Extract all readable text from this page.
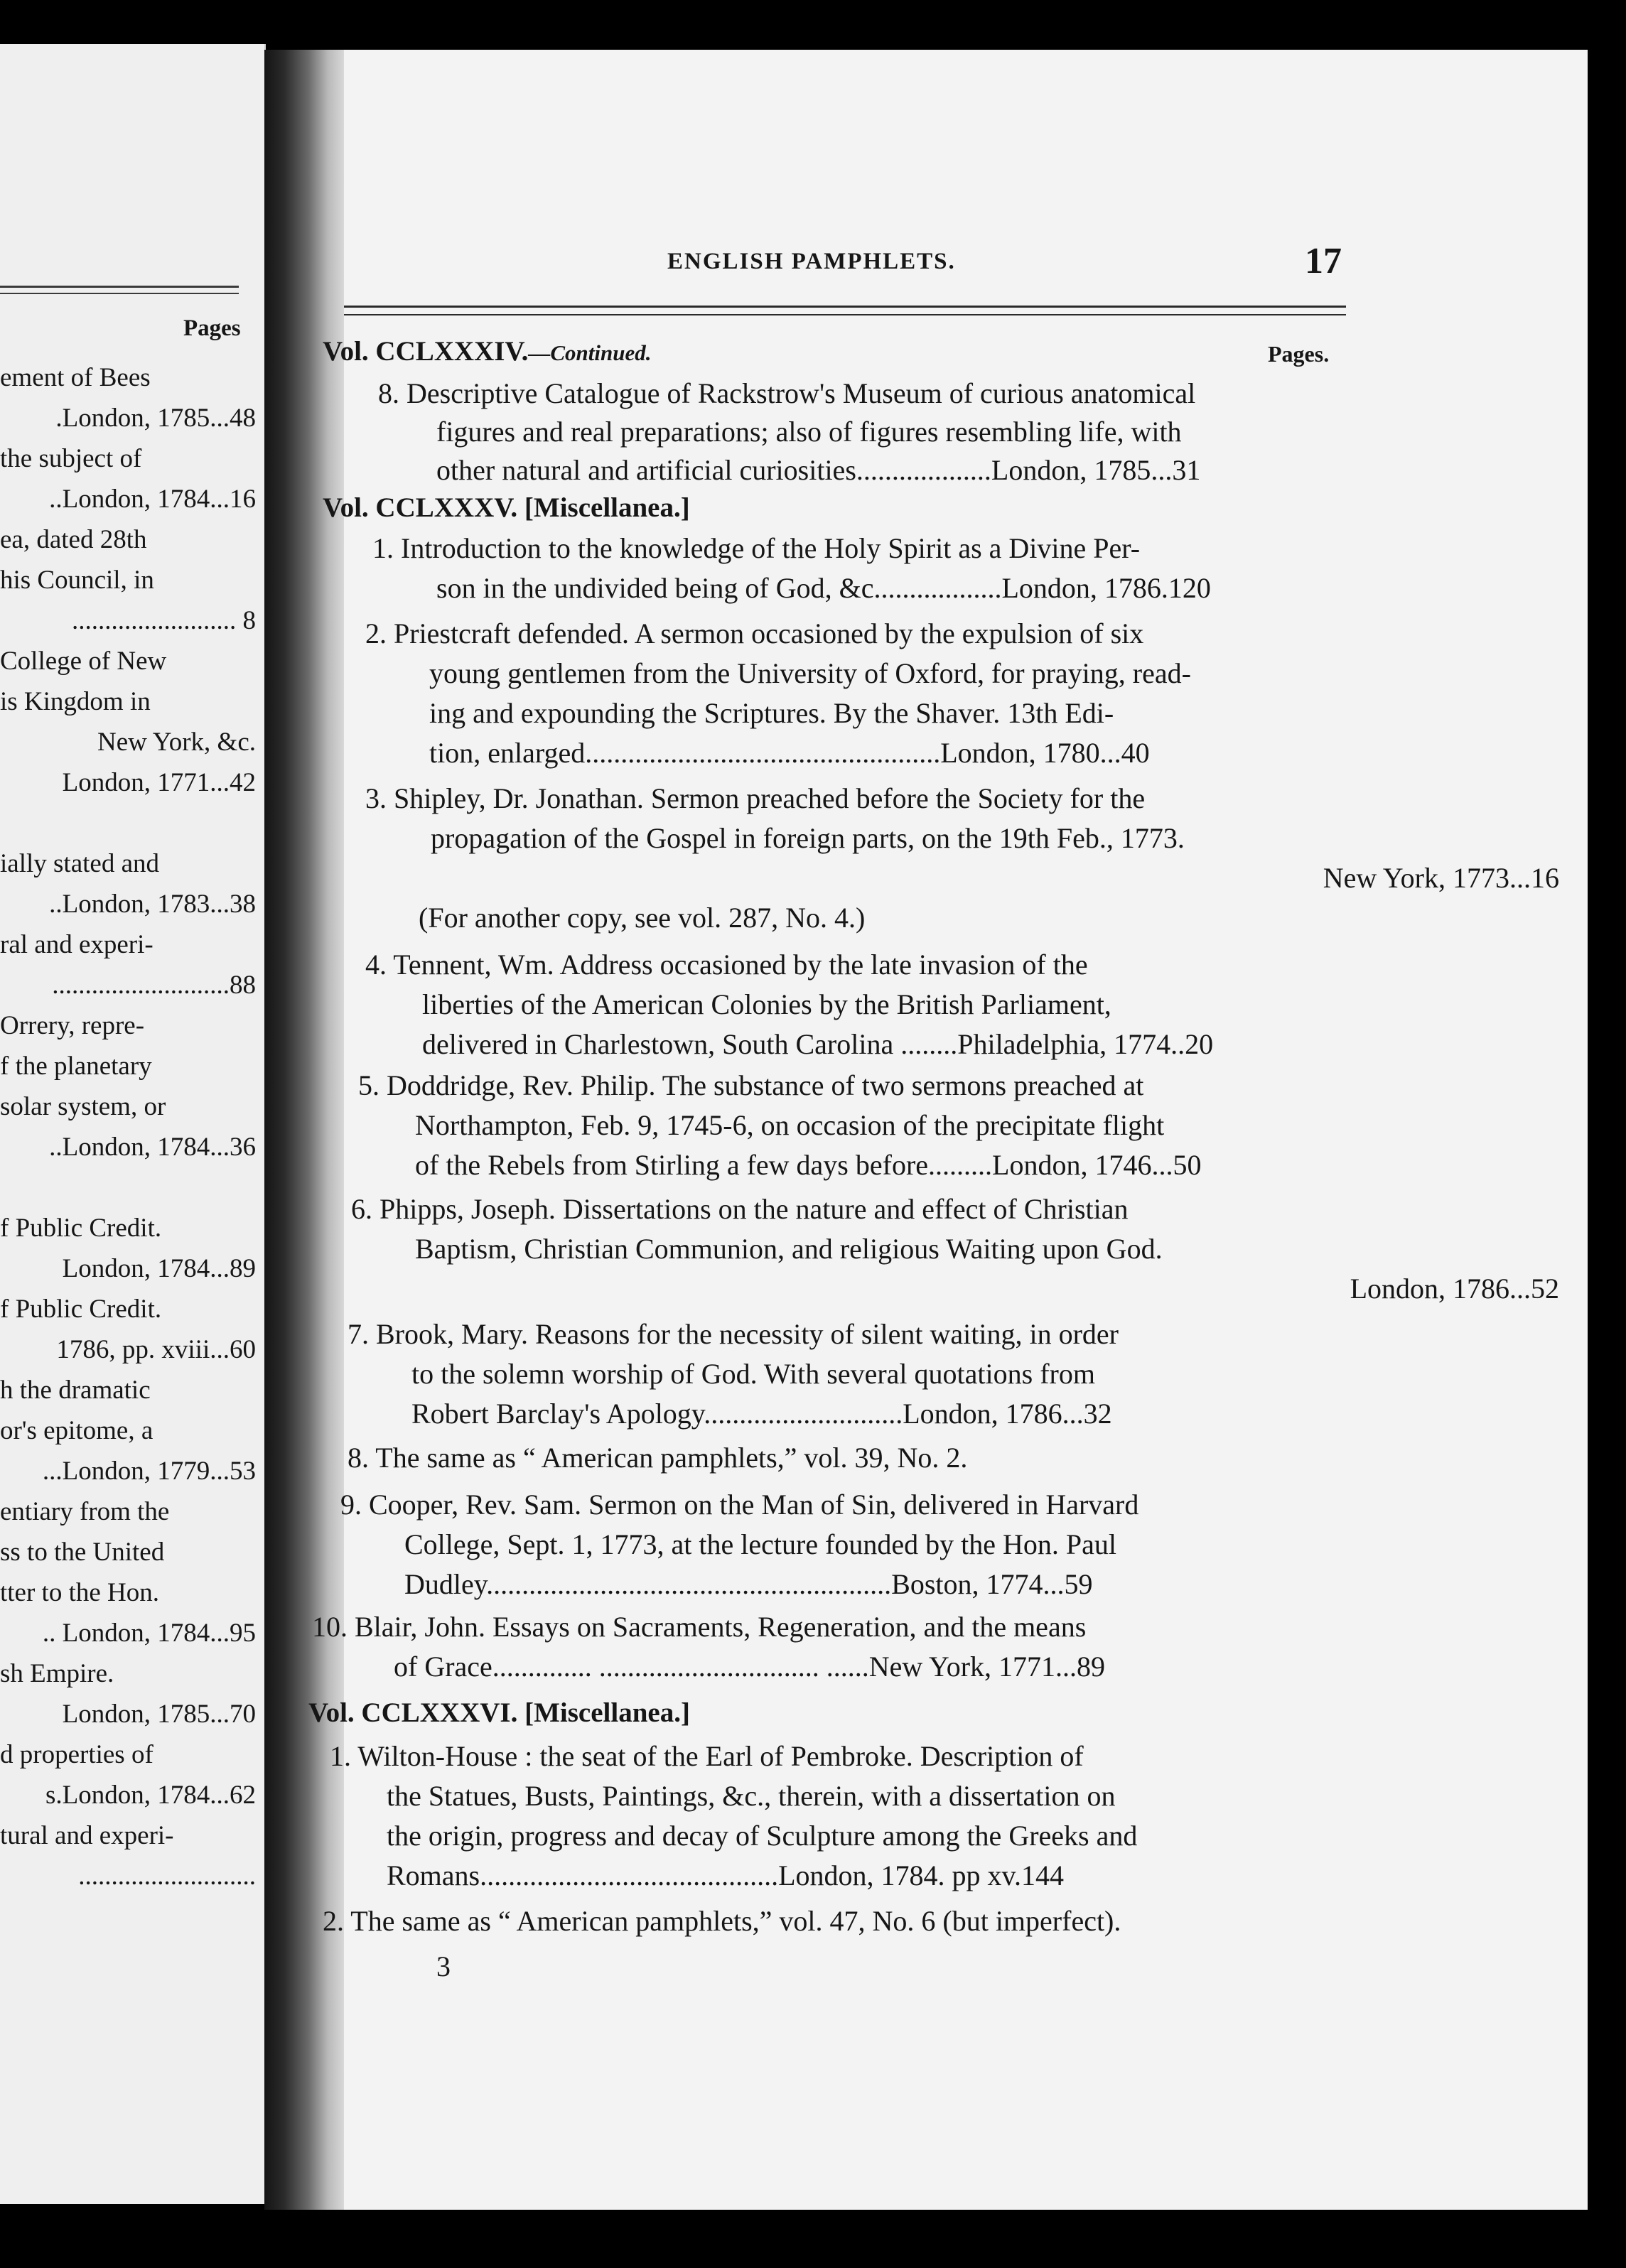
Pages
ement of Bees
.London, 1785...48
the subject of
..London, 1784...16
ea, dated 28th
his Council, in
......................... 8
College of New
is Kingdom in
New York, &c.
London, 1771...42
ially stated and
..London, 1783...38
ral and experi-
...........................88
Orrery, repre-
f the planetary
solar system, or
..London, 1784...36
f Public Credit.
London, 1784...89
f Public Credit.
1786, pp. xviii...60
h the dramatic
or's epitome, a
...London, 1779...53
entiary from the
ss to the United
tter to the Hon.
.. London, 1784...95
sh Empire.
London, 1785...70
d properties of
s.London, 1784...62
tural and experi-
...........................
ENGLISH PAMPHLETS.	17
Vol. CCLXXXIV.—Continued.	Pages.
8. Descriptive Catalogue of Rackstrow's Museum of curious anatomical
figures and real preparations; also of figures resembling life, with
other natural and artificial curiosities...................London, 1785...31
Vol. CCLXXXV. [Miscellanea.]
1. Introduction to the knowledge of the Holy Spirit as a Divine Per-
son in the undivided being of God, &c..................London, 1786.120
2. Priestcraft defended. A sermon occasioned by the expulsion of six
young gentlemen from the University of Oxford, for praying, read-
ing and expounding the Scriptures. By the Shaver. 13th Edi-
tion, enlarged..................................................London, 1780...40
3. Shipley, Dr. Jonathan. Sermon preached before the Society for the
propagation of the Gospel in foreign parts, on the 19th Feb., 1773.
New York, 1773...16
(For another copy, see vol. 287, No. 4.)
4. Tennent, Wm. Address occasioned by the late invasion of the
liberties of the American Colonies by the British Parliament,
delivered in Charlestown, South Carolina ........Philadelphia, 1774..20
5. Doddridge, Rev. Philip. The substance of two sermons preached at
Northampton, Feb. 9, 1745-6, on occasion of the precipitate flight
of the Rebels from Stirling a few days before.........London, 1746...50
6. Phipps, Joseph. Dissertations on the nature and effect of Christian
Baptism, Christian Communion, and religious Waiting upon God.
London, 1786...52
7. Brook, Mary. Reasons for the necessity of silent waiting, in order
to the solemn worship of God. With several quotations from
Robert Barclay's Apology............................London, 1786...32
8. The same as “ American pamphlets,” vol. 39, No. 2.
9. Cooper, Rev. Sam. Sermon on the Man of Sin, delivered in Harvard
College, Sept. 1, 1773, at the lecture founded by the Hon. Paul
Dudley.........................................................Boston, 1774...59
10. Blair, John. Essays on Sacraments, Regeneration, and the means
of Grace.............. ............................... ......New York, 1771...89
Vol. CCLXXXVI. [Miscellanea.]
1. Wilton-House : the seat of the Earl of Pembroke. Description of
the Statues, Busts, Paintings, &c., therein, with a dissertation on
the origin, progress and decay of Sculpture among the Greeks and
Romans..........................................London, 1784. pp xv.144
2. The same as “ American pamphlets,” vol. 47, No. 6 (but imperfect).
3
